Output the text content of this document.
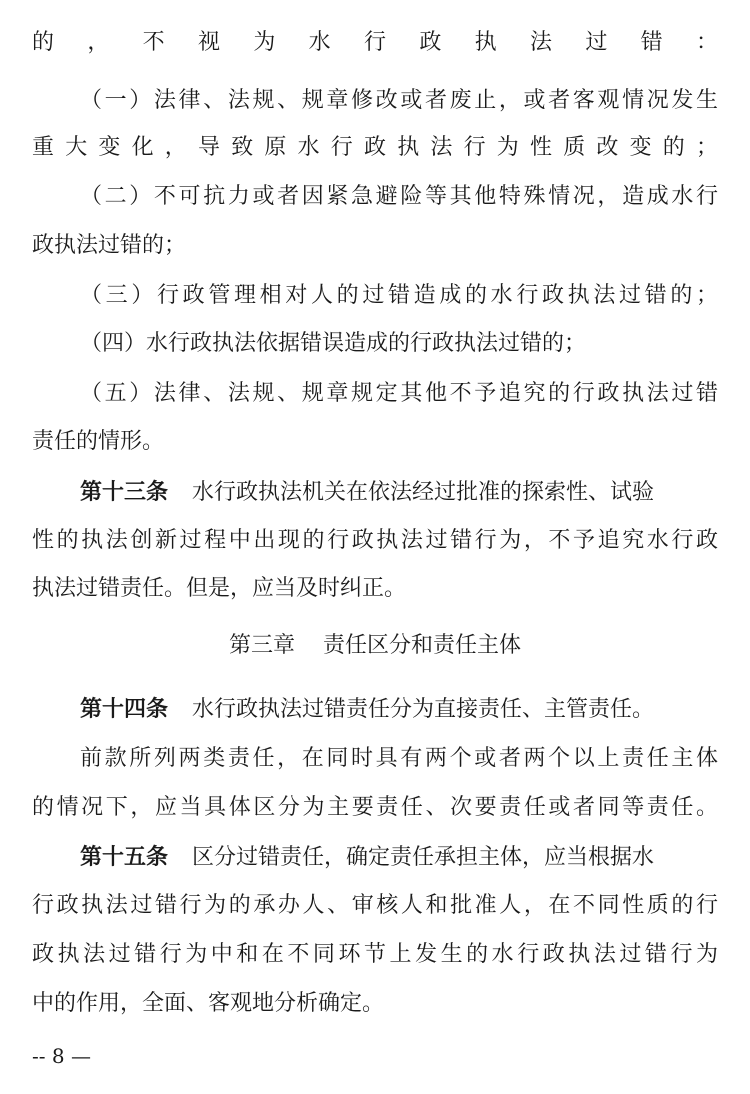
的，不视为水行政执法过错：
（一）法律、法规、规章修改或者废止，或者客观情况发生
重大变化，导致原水行政执法行为性质改变的；
（二）不可抗力或者因紧急避险等其他特殊情况，造成水行
政执法过错的；
（三）行政管理相对人的过错造成的水行政执法过错的；
（四）水行政执法依据错误造成的行政执法过错的；
（五）法律、法规、规章规定其他不予追究的行政执法过错
责任的情形。
第十三条 水行政执法机关在依法经过批准的探索性、试验
性的执法创新过程中出现的行政执法过错行为，不予追究水行政
执法过错责任。但是，应当及时纠正。
第三章    责任区分和责任主体
第十四条 水行政执法过错责任分为直接责任、主管责任。
前款所列两类责任，在同时具有两个或者两个以上责任主体
的情况下，应当具体区分为主要责任、次要责任或者同等责任。
第十五条 区分过错责任，确定责任承担主体，应当根据水
行政执法过错行为的承办人、审核人和批准人，在不同性质的行
政执法过错行为中和在不同环节上发生的水行政执法过错行为
中的作用，全面、客观地分析确定。
-- 8 —
